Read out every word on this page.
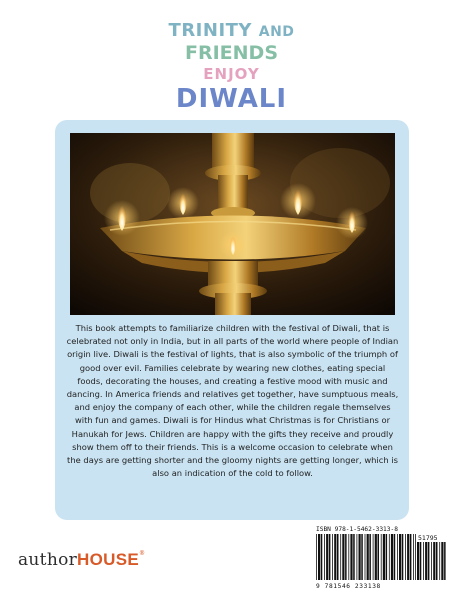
TRINITY AND
FRIENDS
ENJOY
DIWALI

This book attempts to familiarize children with the festival of Diwali, that is celebrated not only in India, but in all parts of the world where people of Indian origin live. Diwali is the festival of lights, that is also symbolic of the triumph of good over evil. Families celebrate by wearing new clothes, eating special foods, decorating the houses, and creating a festive mood with music and dancing. In America friends and relatives get together, have sumptuous meals, and enjoy the company of each other, while the children regale themselves with fun and games. Diwali is for Hindus what Christmas is for Christians or Hanukah for Jews. Children are happy with the gifts they receive and proudly show them off to their friends. This is a welcome occasion to celebrate when the days are getting shorter and the gloomy nights are getting longer, which is also an indication of the cold to follow.

authorHOUSE®
ISBN 978-1-5462-3313-8
51795
9 781546 233138
